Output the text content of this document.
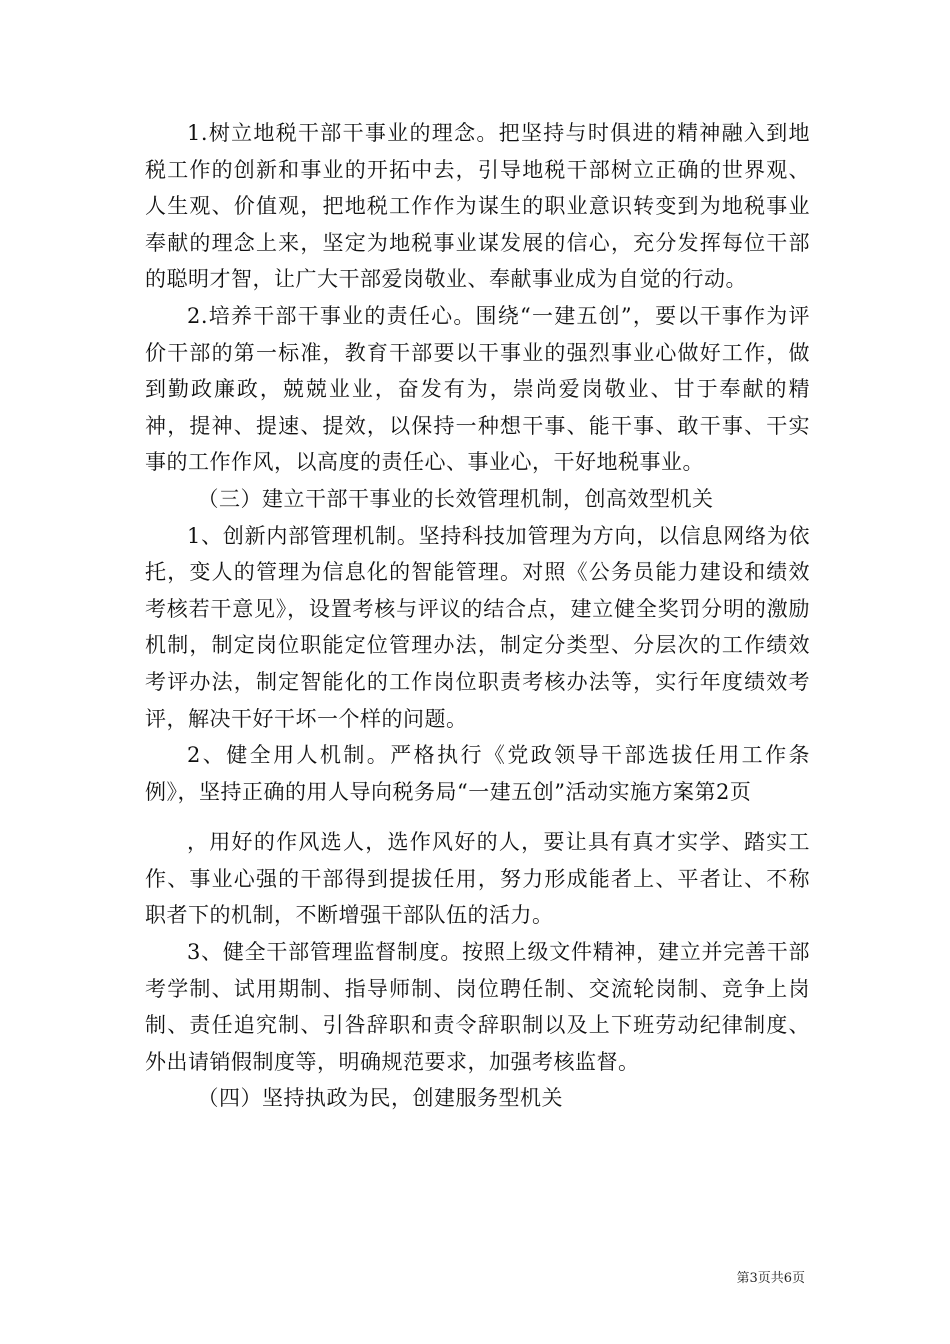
1.树立地税干部干事业的理念。把坚持与时俱进的精神融入到地税工作的创新和事业的开拓中去，引导地税干部树立正确的世界观、人生观、价值观，把地税工作作为谋生的职业意识转变到为地税事业奉献的理念上来，坚定为地税事业谋发展的信心，充分发挥每位干部的聪明才智，让广大干部爱岗敬业、奉献事业成为自觉的行动。

2.培养干部干事业的责任心。围绕“一建五创”，要以干事作为评价干部的第一标准，教育干部要以干事业的强烈事业心做好工作，做到勤政廉政，兢兢业业，奋发有为，崇尚爱岗敬业、甘于奉献的精神，提神、提速、提效，以保持一种想干事、能干事、敢干事、干实事的工作作风，以高度的责任心、事业心，干好地税事业。

（三）建立干部干事业的长效管理机制，创高效型机关

1、创新内部管理机制。坚持科技加管理为方向，以信息网络为依托，变人的管理为信息化的智能管理。对照《公务员能力建设和绩效考核若干意见》，设置考核与评议的结合点，建立健全奖罚分明的激励机制，制定岗位职能定位管理办法，制定分类型、分层次的工作绩效考评办法，制定智能化的工作岗位职责考核办法等，实行年度绩效考评，解决干好干坏一个样的问题。

2、健全用人机制。严格执行《党政领导干部选拔任用工作条例》，坚持正确的用人导向税务局“一建五创”活动实施方案第2页

，用好的作风选人，选作风好的人，要让具有真才实学、踏实工作、事业心强的干部得到提拔任用，努力形成能者上、平者让、不称职者下的机制，不断增强干部队伍的活力。

3、健全干部管理监督制度。按照上级文件精神，建立并完善干部考学制、试用期制、指导师制、岗位聘任制、交流轮岗制、竞争上岗制、责任追究制、引咎辞职和责令辞职制以及上下班劳动纪律制度、外出请销假制度等，明确规范要求，加强考核监督。

（四）坚持执政为民，创建服务型机关

第3页共6页
